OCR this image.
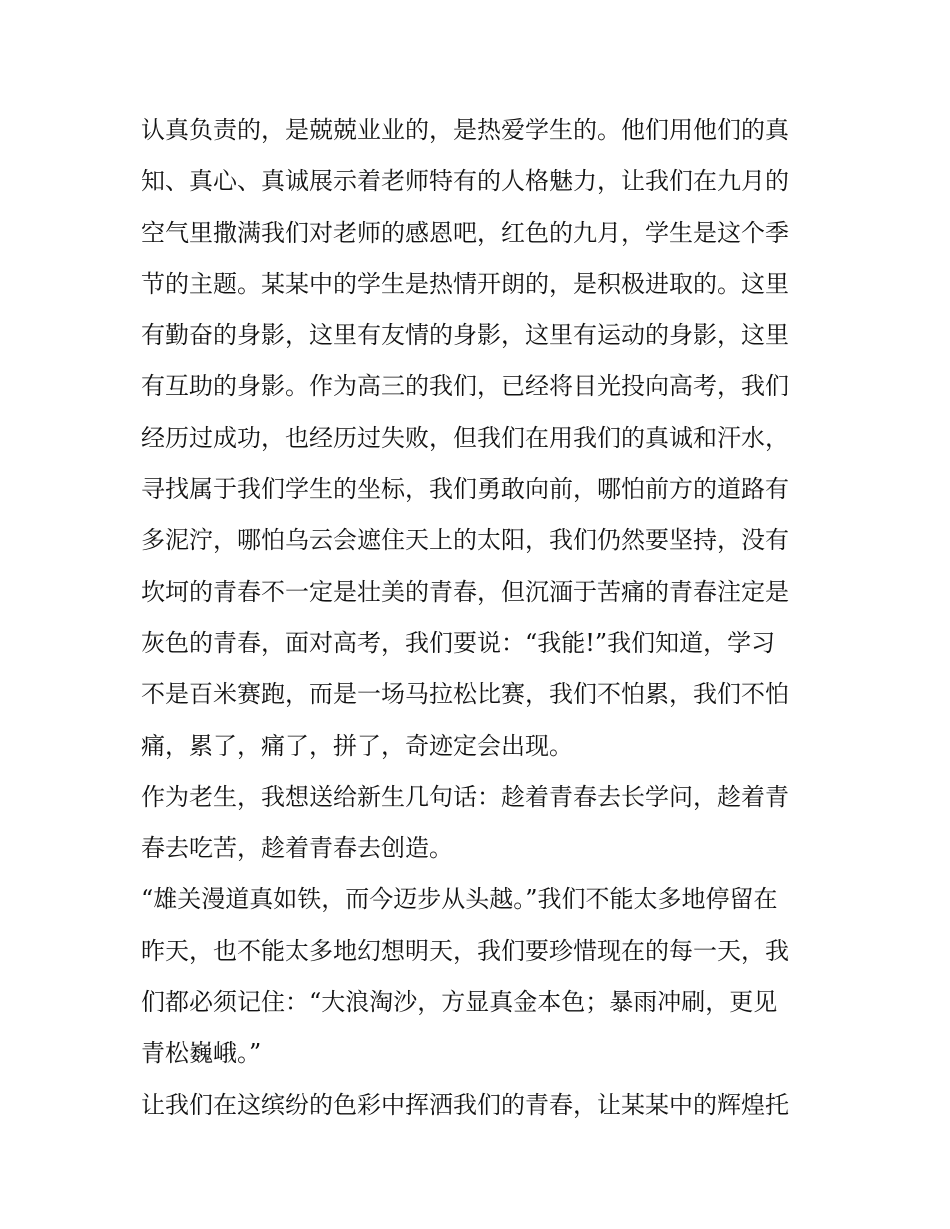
认真负责的，是兢兢业业的，是热爱学生的。他们用他们的真
知、真心、真诚展示着老师特有的人格魅力，让我们在九月的
空气里撒满我们对老师的感恩吧，红色的九月，学生是这个季
节的主题。某某中的学生是热情开朗的，是积极进取的。这里
有勤奋的身影，这里有友情的身影，这里有运动的身影，这里
有互助的身影。作为高三的我们，已经将目光投向高考，我们
经历过成功，也经历过失败，但我们在用我们的真诚和汗水，
寻找属于我们学生的坐标，我们勇敢向前，哪怕前方的道路有
多泥泞，哪怕乌云会遮住天上的太阳，我们仍然要坚持，没有
坎坷的青春不一定是壮美的青春，但沉湎于苦痛的青春注定是
灰色的青春，面对高考，我们要说：“我能!”我们知道，学习
不是百米赛跑，而是一场马拉松比赛，我们不怕累，我们不怕
痛，累了，痛了，拼了，奇迹定会出现。
作为老生，我想送给新生几句话：趁着青春去长学问，趁着青
春去吃苦，趁着青春去创造。
“雄关漫道真如铁，而今迈步从头越。”我们不能太多地停留在
昨天，也不能太多地幻想明天，我们要珍惜现在的每一天，我
们都必须记住：“大浪淘沙，方显真金本色；暴雨冲刷，更见
青松巍峨。”
让我们在这缤纷的色彩中挥洒我们的青春，让某某中的辉煌托
